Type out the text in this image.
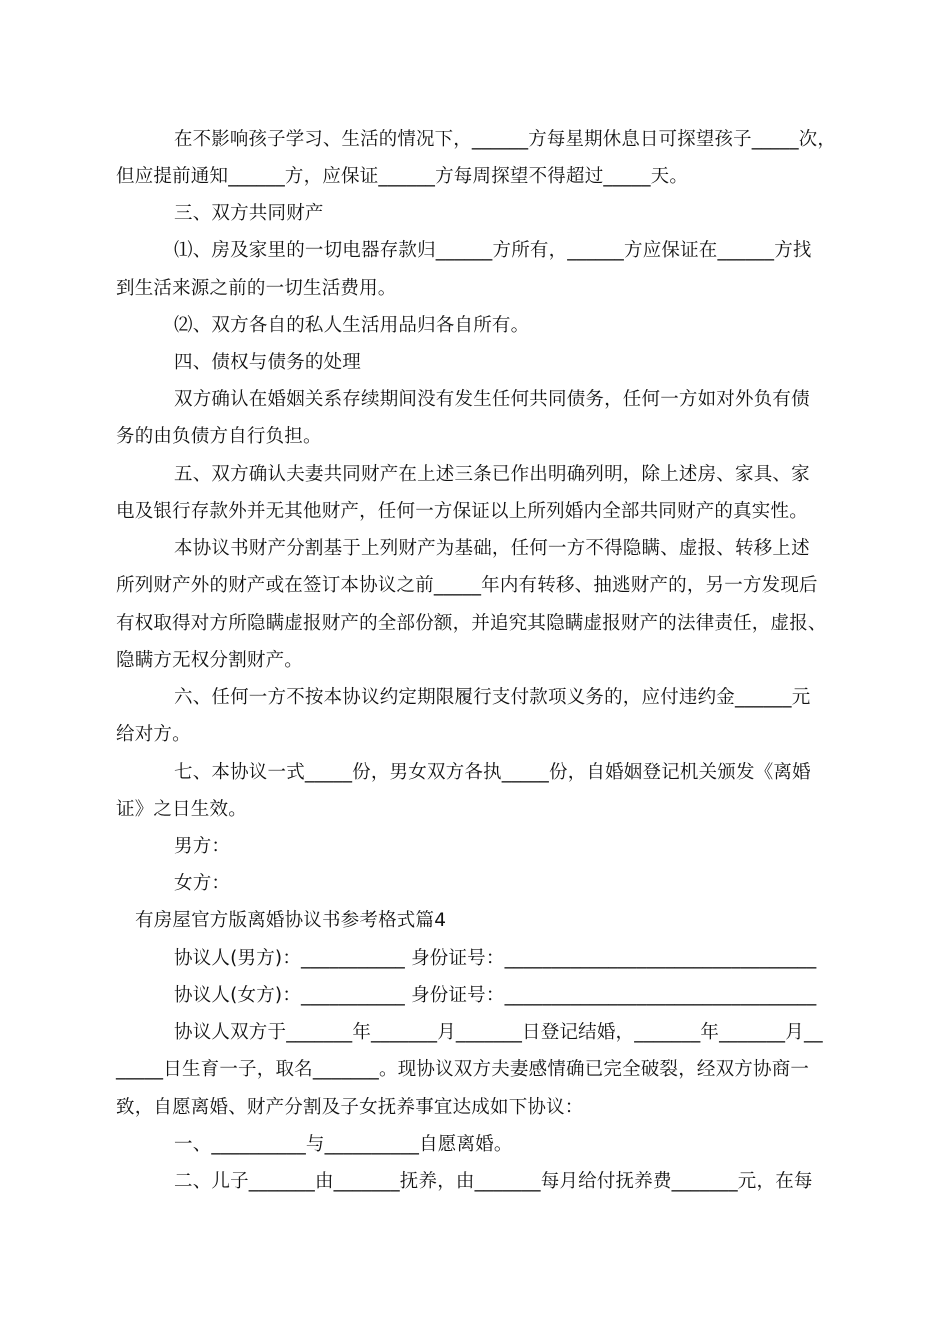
在不影响孩子学习、生活的情况下，______方每星期休息日可探望孩子_____次，
但应提前通知______方，应保证______方每周探望不得超过_____天。
三、双方共同财产
⑴、房及家里的一切电器存款归______方所有，______方应保证在______方找
到生活来源之前的一切生活费用。
⑵、双方各自的私人生活用品归各自所有。
四、债权与债务的处理
双方确认在婚姻关系存续期间没有发生任何共同债务，任何一方如对外负有债
务的由负债方自行负担。
五、双方确认夫妻共同财产在上述三条已作出明确列明，除上述房、家具、家
电及银行存款外并无其他财产，任何一方保证以上所列婚内全部共同财产的真实性。
本协议书财产分割基于上列财产为基础，任何一方不得隐瞒、虚报、转移上述
所列财产外的财产或在签订本协议之前_____年内有转移、抽逃财产的，另一方发现后
有权取得对方所隐瞒虚报财产的全部份额，并追究其隐瞒虚报财产的法律责任，虚报、
隐瞒方无权分割财产。
六、任何一方不按本协议约定期限履行支付款项义务的，应付违约金______元
给对方。
七、本协议一式_____份，男女双方各执_____份，自婚姻登记机关颁发《离婚
证》之日生效。
男方：
女方：
有房屋官方版离婚协议书参考格式篇4
协议人(男方)：___________ 身份证号：_________________________________
协议人(女方)：___________ 身份证号：_________________________________
协议人双方于_______年_______月_______日登记结婚，_______年_______月__
_____日生育一子，取名_______。现协议双方夫妻感情确已完全破裂，经双方协商一
致，自愿离婚、财产分割及子女抚养事宜达成如下协议：
一、__________与__________自愿离婚。
二、儿子_______由_______抚养，由_______每月给付抚养费_______元，在每
